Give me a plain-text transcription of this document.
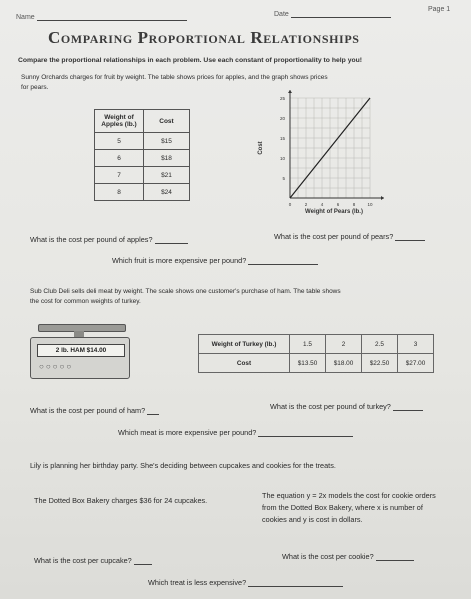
Name	Date
Page 1
Comparing Proportional Relationships
Compare the proportional relationships in each problem. Use each constant of proportionality to help you!
Sunny Orchards charges for fruit by weight. The table shows prices for apples, and the graph shows prices
for pears.
Weight of Apples (lb.)	Cost
5	$15
6	$18
7	$21
8	$24
5
10
15
20
25
0	2	4	6	8	10
Cost
Weight of Pears (lb.)
What is the cost per pound of apples?	What is the cost per pound of pears?
Which fruit is more expensive per pound?
Sub Club Deli sells deli meat by weight. The scale shows one customer's purchase of ham. The table shows
the cost for common weights of turkey.
2 lb. HAM $14.00
○○○○○
Weight of Turkey (lb.)	1.5	2	2.5	3
Cost	$13.50	$18.00	$22.50	$27.00
What is the cost per pound of ham?	What is the cost per pound of turkey?
Which meat is more expensive per pound?
Lily is planning her birthday party. She's deciding between cupcakes and cookies for the treats.
The Dotted Box Bakery charges $36 for 24 cupcakes.
The equation y = 2x models the cost for cookie orders
from the Dotted Box Bakery, where x is number of
cookies and y is cost in dollars.
What is the cost per cupcake?	What is the cost per cookie?
Which treat is less expensive?
